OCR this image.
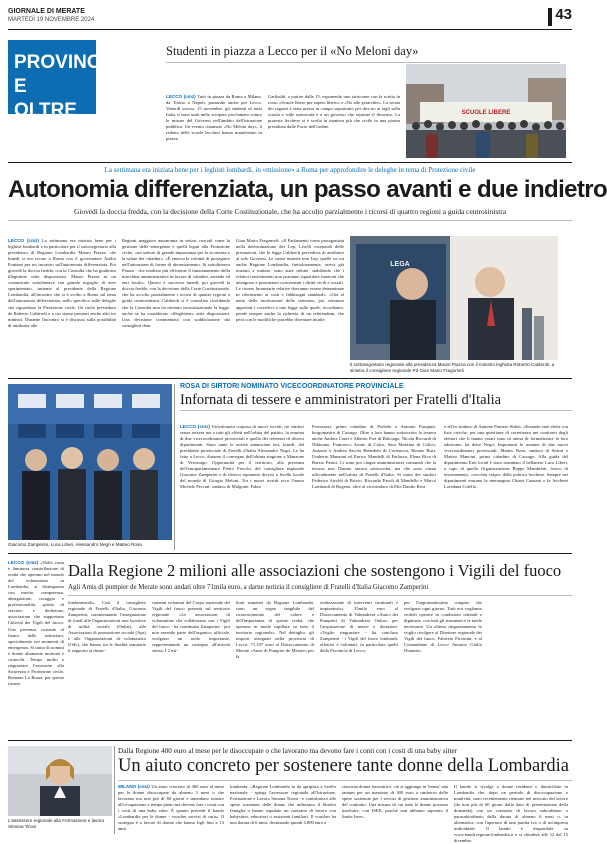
GIORNALE DI MERATE
MARTEDÌ 19 NOVEMBRE 2024	43
PROVINCIA
E OLTRE
Studenti in piazza a Lecco per il «No Meloni day»
LECCO (cmz) Tutti in piazza da Roma a Milano, da Torino a Napoli, passando anche per Lecco. Venerdì scorso, 15 novembre, gli studenti di tutta Italia si sono uniti nello sciopero proclamato contro le misure del Governo nell'ambito dell'istruzione pubblica. Un evento chiamato «No Meloni day», il raduno delle scuole lecchesi hanno manifestato in piazza
Garibaldi, a partire dalle 15, esponendo uno striscione con la scritta in rosso «Scuole libere per sapere libero» e «No alle gerarchie». La serata dei ragazzi è stata messa in campo soprattutto per dire no ai tagli sulla scuola e sulle università e a un governo che reprime il dissenso. La protesta lecchese si è svolta in maniera più che civile in una piazza presidiata dalle Forze dell'ordine.
SCUOLE LIBERE
La settimana era iniziata bene per i leghisti lombardi, in «missione» a Roma per approfondire le deleghe in tema di Protezione civile
Autonomia differenziata, un passo avanti e due indietro
Giovedì la doccia fredda, con la decisione della Corte Costituzionale, che ha accolto parzialmente i ricorsi di quattro regioni a guida centrosinistra
LECCO (cmz) La settimana era iniziata bene per i leghisti lombardi e in particolare per il sottosegretario alla presidenza di Regione Lombardia Mauro Piazza, che lunedì si era recato a Roma con il governatore Attilio Fontana per un incontro sull'autonomia differenziata. Poi giovedì la doccia fredda, con la Consulta che ha giudicato illegittime sette disposizioni. Mauro Piazza in un comunicato sottolineava con grande orgoglio di aver sperimentato, insieme al presidente della Regione Lombardia, all'incontro che si è svolto a Roma sul tema dell'autonomia differenziata, nello specifico sulle deleghe che riguardano la Protezione civile. Un ruolo presieduto da Roberto Calderoli e a cui siamo presenti anche altri tre ministri. Durante l'incontro si è discusso sulla possibilità di attribuire alle
Regioni maggiore autonomia in settori cruciali come la gestione delle emergenze e quelli legati alla Protezione civile, «un settore di grande importanza per la sicurezza e la salute dei cittadini». «È emersa la volontà di proseguire nell'attuazione di forme di decentramento. Si sottolineava Piazza - che rendono più efficiente il funzionamento della macchina amministrativa in favore di cittadini, aziende ed enti locali». Questo è successo lunedì, poi giovedì la doccia fredda, con la decisione della Corte Costituzionale, che ha accolto parzialmente i ricorsi di quattro regioni a guida centrosinistra. Calderoli si è consolato ricordando che la Consulta non ha ritenuto incostituzionale la legge, anche se ha considerato «illegittime» sette disposizioni. Una decisione commentata con soddisfazione dai consiglieri dem
Gian Mario Fragomeli: «Il Parlamento torna protagonista nella determinazione dei Lep, Livelli essenziali delle prestazioni, che la legge Calderoli prevedeva di attribuire al solo Governo. Le stesse materie non Lep, quelle su cui anche Regione Lombardia, frettolosamente, aveva già iniziato a trattare, sono state ridotte, stabilendo che i relativi trasferimenti non potranno riguardare funzioni che attengono a prestazioni concernenti i diritti civili e sociali. Le risorse finanziarie relative dovranno essere determinate in riferimento ai costi e fabbisogni standard». «Ora al netto delle motivazioni della sentenza, poi verranno apportati i correttivi a una legge sulla quale, ricordiamo, pende sempre anche la richiesta di un referendum, che però con le modifiche potrebbe diventare inutile.
LEGA
Il sottosegretario regionale alla presidenza Mauro Piazza con il ministro leghista Roberto Calderoli, a sinistra il consigliere regionale Pd Gian Mario Fragomeli
Giacomo Zamperini, Luca Liberi, Alessandro Negri e Matteo Rosa
ROSA DI SIRTORI NOMINATO VICECOORDINATORE PROVINCIALE
Infornata di tessere e amministratori per Fratelli d'Italia
LECCO (cmz) Un'infornata corposa di nuovi iscritti, tre sindaci senza tessera ma a tutti gli effetti nell'orbita del partito, la nomina di due vicecoordinatori provinciali e quella dei referenti di diversi dipartimenti. Sono tante le novità annunciate ieri, lunedì, dal presidente provinciale di Fratelli d'Italia Alessandro Negri. Le ha fatto a Lecco, durante il convegno dell'ultima stagione a Manzone di Vercurago. Opportunità per il territorio, alla presenza dell'europarlamentare Pietro Fiocchi, del consigliere regionale Giacomo Zamperini e di diversi esponenti diversi a livello locale del mondo di Giorgia Meloni. Tra i nuovi iscritti ecco l'uomo Michele Peccati, sindaco di Malgrate, Fabio
Festorazzi, primo cittadino di Perledo e Antonio Pasquini, borgomastro di Casargo. Oltre a loro hanno sottoscritto la tessera anche Andrea Conti e Alberto Frei di Bulciago, Nicola Riccardi di Nibionno, Francesco Arone di Calco, Sara Mazzina di Colico, Antonio e Andrea Sacchi Benedetti di Cortenova, Renato Busi, Umberto Manzoni ed Enrico Mandelli di Parlasco, Elena Riva di Barzio Parini. Ci sono poi cinque amministratori comunali che la tessera non l'hanno ancora sottoscritta, ma che sono ormai ufficialmente nell'orbita di Fratelli d'Italia. Si tratta dei sindaci Federico Airoldi di Brivio, Riccardo Fasoli di Mandello e Marco Lombardi di Rogeno, oltre al vicesindaco di Elio Danilo Riva
e all'ex sindaco di Annone Patrizio Sidoti. «Essendo stati eletti con liste civiche, per una questione di correttezza nei confronti degli elettori che li hanno votati sono in attesa di formalizzare la loro adesione» ha detto Negri. Importanti le nomine di due nuovi vicecoordinatori provinciali: Matteo Rosa, sindaco di Sirtori e Matteo Mancini, primo cittadino di Cassago. Alla guida del dipartimento Enti locali è stato nominato il bellanese Luca Liberi, a capo di quello Organizzazione Beppe Mambretti, fresco di tesseramento, «vecchia volpe» della politica lecchese. Sempre nei dipartimenti entrano la merategina Chiara Canzani e la lecchese Loredana Colella.
LECCO (cmz) «Nella vasta e luminosa constellazione di realtà che operano nel mondo del volontariato in Lombardia, si distinguono con merito, competenza, abnegazione, coraggio e professionalità, spirito di servizio e dedizione, associazioni che supportano l'attività dei Vigili del fuoco. Una presenza costante al fianco delle istituzioni, specialmente nei momenti di emergenza. Si tratta di uomini e donne altamente motivati e coinvolti. Tempo molto e ringraziare l'assessore alla Sicurezza e Protezione civile, Romano La Russa, per queste risorse
Dalla Regione 2 milioni alle associazioni che sostengono i Vigili del fuoco
Agli Amis di pumpier de Merate sono andati oltre 71mila euro, a darne notizia il consigliere di Fratelli d'Italia Giacomo Zamperini
fondamentali». Così il consigliere regionale di Fratelli d'Italia, Giacomo Zamperini, commentando l'assegnazione di fondi alle Organizzazioni non lucrative di utilità sociale (Onlus), alle Associazioni di promozione sociale (Aps) e alle Organizzazioni di volontariato (Odv), che hanno tra le finalità statutarie il supporto ai distac-
camenti volontari del Corpo nazionale dei Vigili del fuoco presenti sul territorio regionale. «Le associazioni di volontariato che collaborano con i Vigili del fuoco - ha continuato Zamperini - poi non essendo parte dell'organico ufficiale, svolgono un ruolo importante, rappresentando un sostegno all'attività stessa. I 2 mi-
lioni stanziati da Regione Lombardia, sono un segno tangibile del riconoscimento del valore e dell'importanza di queste realtà, che operano in modo capillare su tutto il territorio regionale». Nel dettaglio, gli importi assegnati nella provincia di Lecco: 71.107 euro al Distaccamento di Merate «Amis di Pumpier de Merate» per la
realizzazione di interventi strutturali e impiantistici. 35mila euro al Distaccamento di Valmadrera «Amici dei Pompieri di Valmadrera Onlus» per l'acquisizione di mezzi e dotazioni. «Voglio ringraziare - ha concluso Zamperini - i Vigili del fuoco lombardi, effettivi e volontari, in particolare quelli della Provincia di Lecco,
per l'importantissimo compito che svolgono ogni giorno. Tutti noi vogliamo vederli operare in condizioni ottimali e dignitose, con tutti gli strumenti e le tutele necessarie. Un ultimo ringraziamento lo voglio rivolgere al Direttore regionale dei Vigili del fuoco, Fabrizio Piccinini, e al Comandante di Lecco Antonio Giulio Durante».
L'assessore regionale alla Formazione e lavoro Simona Tironi
Dalla Regione 400 euro al mese per le disoccupate o che lavorano ma devono fare i conti con i costi di una baby sitter
Un aiuto concreto per sostenere tante donne della Lombardia
MILANO (cmz) Un aiuto concreto di 400 euro al mese per le donne disoccupate da almeno 3 mesi o che lavorano ma non più di 60 giorni e intendono tornare all'occupazione a tempo pieno ma devono fare i conti con i costi di una baby sitter. È quanto prevede il bando «Lombardia per le donne - voucher servizi di cura». Il sostegno è a favore di donne che hanno figli fino a 13 anni
lombarda. «Regione Lombardia fa da apripista a livello nazionale - spiega l'assessore regionale all'Istruzione, Formazione e Lavoro Simona Tironi - e contribuisce alle spese sostenute dalle donne che utilizzano il libretto famiglia o hanno stipulato un contratto di lavoro con babysitter, educatori o assistenti familiari. Il voucher ha una durata di 6 mesi, destinando quindi 4.800 euro a
ciascuna donna lavoratrice, ciò si aggiunge in 'bonus' una tantum per un massimo di 300 euro a rimborso delle spese sostenute per i servizi di gestione amministrativa del contratto. Una misura di cui tutte le donne possono usufruire, con ISEE, purché non abbiano superato il limite Isee».
Il bando si rivolge a donne residenti o domiciliate in Lombardia che, dopo un periodo di disoccupazione o inattività, sono recentemente rientrate nel mercato del lavoro (da non più di 60 giorni dalla data di presentazione della domanda) con un contratto di lavoro subordinato o parasubordinato della durata di almeno 6 mesi o, in alternativa, con l'apertura di una partita iva o di un'impresa individuale. Il bando è disponibile su www.bandi.regione.lombardia.it e si chiuderà alle 12 del 15 dicembre.
